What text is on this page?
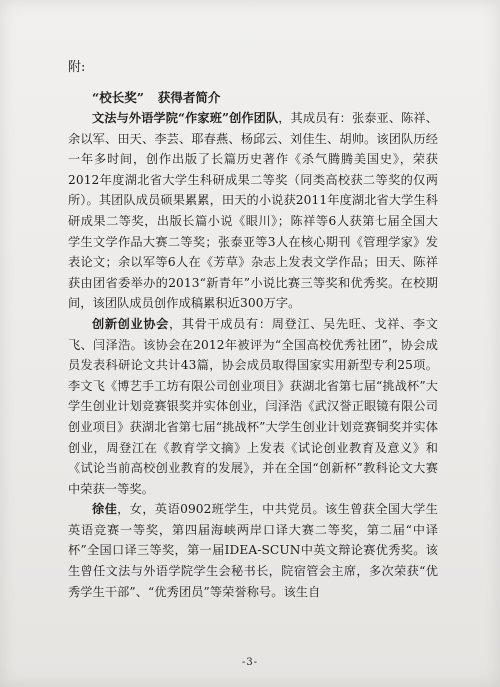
附:
“校长奖” 获得者简介

文法与外语学院“作家班”创作团队，其成员有：张泰亚、陈祥、余以军、田天、李芸、耶春燕、杨邱云、刘佳生、胡帅。该团队历经一年多时间，创作出版了长篇历史著作《杀气腾腾美国史》，荣获2012年度湖北省大学生科研成果二等奖（同类高校获二等奖的仅两所）。其团队成员硕果累累，田天的小说获2011年度湖北省大学生科研成果二等奖，出版长篇小说《眼川》；陈祥等6人获第七届全国大学生文学作品大赛二等奖；张泰亚等3人在核心期刊《管理学家》发表论文；余以军等6人在《芳草》杂志上发表文学作品；田天、陈祥获由团省委举办的2013“新青年”小说比赛三等奖和优秀奖。在校期间，该团队成员创作成稿累积近300万字。

创新创业协会，其骨干成员有：周登江、吴先旺、戈祥、李文飞、闫泽浩。该协会在2012年被评为“全国高校优秀社团”，协会成员发表科研论文共计43篇，协会成员取得国家实用新型专利25项。李文飞《博艺手工坊有限公司创业项目》获湖北省第七届“挑战杯”大学生创业计划竞赛银奖并实体创业，闫泽浩《武汉誉正眼镜有限公司创业项目》获湖北省第七届“挑战杯”大学生创业计划竞赛铜奖并实体创业，周登江在《教育学文摘》上发表《试论创业教育及意义》和《试论当前高校创业教育的发展》，并在全国“创新杯”教科论文大赛中荣获一等奖。

徐佳，女，英语0902班学生，中共党员。该生曾获全国大学生英语竞赛一等奖，第四届海峡两岸口译大赛二等奖，第二届“中译杯”全国口译三等奖，第一届IDEA-SCUN中英文辩论赛优秀奖。该生曾任文法与外语学院学生会秘书长，院宿管会主席，多次荣获“优秀学生干部”、“优秀团员”等荣誉称号。该生自

-3-
